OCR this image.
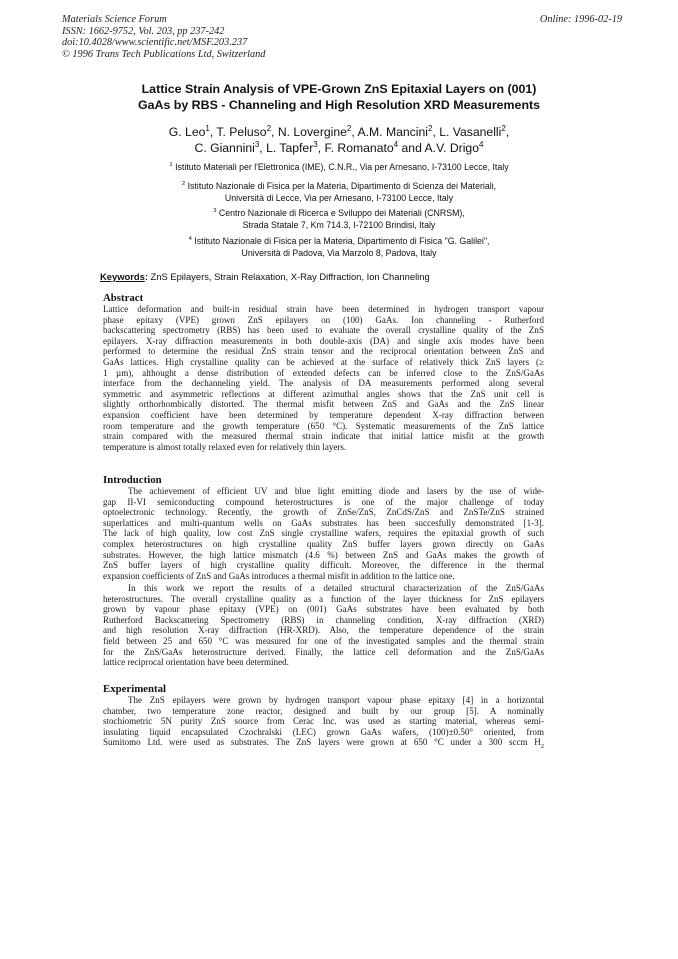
Materials Science Forum
ISSN: 1662-9752, Vol. 203, pp 237-242
doi:10.4028/www.scientific.net/MSF.203.237
© 1996 Trans Tech Publications Ltd, Switzerland
Online: 1996-02-19
Lattice Strain Analysis of VPE-Grown ZnS Epitaxial Layers on (001)
GaAs by RBS - Channeling and High Resolution XRD Measurements
G. Leo$^1$, T. Peluso$^2$, N. Lovergine$^2$, A.M. Mancini$^2$, L. Vasanelli$^2$,
C. Giannini$^3$, L. Tapfer$^3$, F. Romanato$^4$ and A.V. Drigo$^4$
$^1$ Istituto Materiali per l'Elettronica (IME), C.N.R., Via per Arnesano, I-73100 Lecce, Italy
$^2$ Istituto Nazionale di Fisica per la Materia, Dipartimento di Scienza dei Materiali,
Università di Lecce, Via per Arnesano, I-73100 Lecce, Italy
$^3$ Centro Nazionale di Ricerca e Sviluppo dei Materiali (CNRSM),
Strada Statale 7, Km 714.3, I-72100 Brindisi, Italy
$^4$ Istituto Nazionale di Fisica per la Materia, Dipartimento di Fisica "G. Galilei",
Università di Padova, Via Marzolo 8, Padova, Italy
Keywords: ZnS Epilayers, Strain Relaxation, X-Ray Diffraction, Ion Channeling
Abstract
Lattice deformation and built-in residual strain have been determined in hydrogen transport vapour
phase epitaxy (VPE) grown ZnS epilayers on (100) GaAs. Ion channeling - Rutherford
backscattering spectrometry (RBS) has been used to evaluate the overall crystalline quality of the ZnS
epilayers. X-ray diffraction measurements in both double-axis (DA) and single axis modes have been
performed to determine the residual ZnS strain tensor and the reciprocal orientation between ZnS and
GaAs lattices. High crystalline quality can be achieved at the surface of relatively thick ZnS layers (≥
1 µm), althought a dense distribution of extended defects can be inferred close to the ZnS/GaAs
interface from the dechanneling yield. The analysis of DA measurements performed along several
symmetric and asymmetric reflections at different azimuthal angles shows that the ZnS unit cell is
slightly orthorhombically distorted. The thermal misfit between ZnS and GaAs and the ZnS linear
expansion coefficient have been determined by temperature dependent X-ray diffraction between
room temperature and the growth temperature (650 °C). Systematic measurements of the ZnS lattice
strain compared with the measured thermal strain indicate that initial lattice misfit at the growth
temperature is almost totally relaxed even for relatively thin layers.
Introduction
The achievement of efficient UV and blue light emitting diode and lasers by the use of wide-
gap II-VI semiconducting compound heterostructures is one of the major challenge of today
optoelectronic technology. Recently, the growth of ZnSe/ZnS, ZnCdS/ZnS and ZnSTe/ZnS strained
superlattices and multi-quantum wells on GaAs substrates has been succesfully demonstrated [1-3].
The lack of high quality, low cost ZnS single crystalline wafers, requires the epitaxial growth of such
complex heterostructures on high crystalline quality ZnS buffer layers grown directly on GaAs
substrates. However, the high lattice mismatch (4.6 %) between ZnS and GaAs makes the growth of
ZnS buffer layers of high crystalline quality difficult. Moreover, the difference in the thermal
expansion coefficients of ZnS and GaAs introduces a thermal misfit in addition to the lattice one.
In this work we report the results of a detailed structural characterization of the ZnS/GaAs
heterostructures. The overall crystalline quality as a function of the layer thickness for ZnS epilayers
grown by vapour phase epitaxy (VPE) on (001) GaAs substrates have been evaluated by both
Rutherford Backscattering Spectrometry (RBS) in channeling condition, X-ray diffraction (XRD)
and high resolution X-ray diffraction (HR-XRD). Also, the temperature dependence of the strain
field between 25 and 650 °C was measured for one of the investigated samples and the thermal strain
for the ZnS/GaAs heterostructure derived. Finally, the lattice cell deformation and the ZnS/GaAs
lattice reciprocal orientation have been determined.
Experimental
The ZnS epilayers were grown by hydrogen transport vapour phase epitaxy [4] in a horizontal
chamber, two temperature zone reactor, designed and built by our group [5]. A nominally
stochiometric 5N purity ZnS source from Cerac Inc. was used as starting material, whereas semi-
insulating liquid encapsulated Czochralski (LEC) grown GaAs wafers, (100)±0.50° oriented, from
Sumitomo Ltd. were used as substrates. The ZnS layers were grown at 650 °C under a 300 sccm $H_2$
